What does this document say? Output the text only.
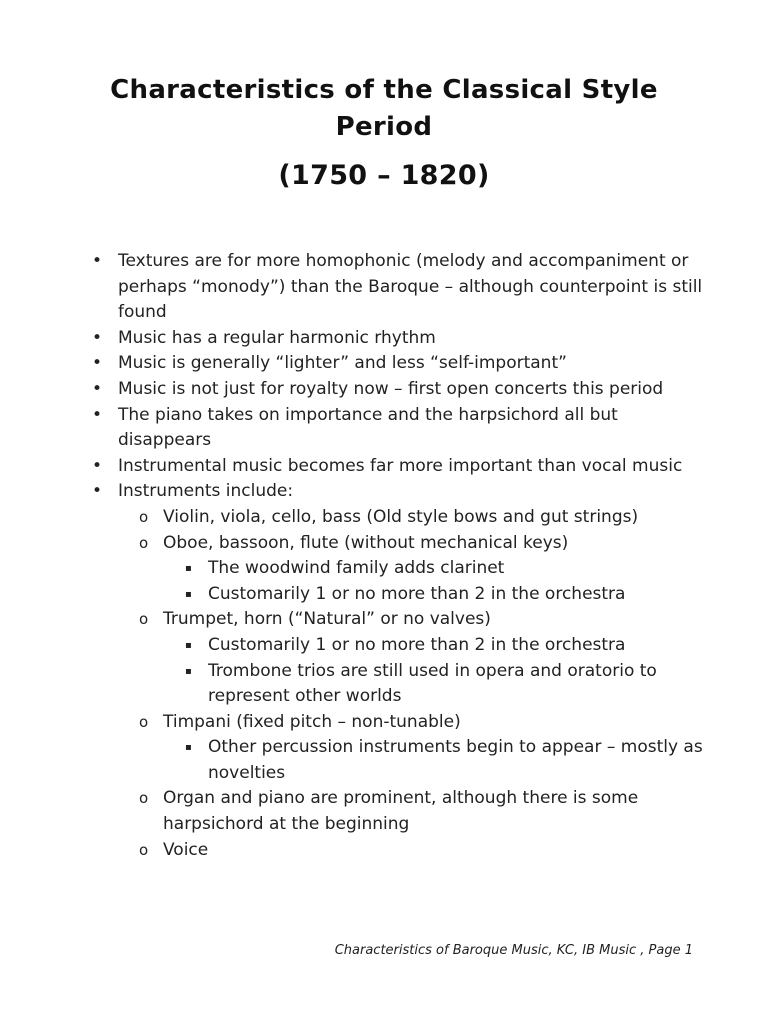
Characteristics of the Classical Style
Period
(1750 – 1820)
• Textures are for more homophonic (melody and accompaniment or perhaps “monody”) than the Baroque – although counterpoint is still found
• Music has a regular harmonic rhythm
• Music is generally “lighter” and less “self-important”
• Music is not just for royalty now – first open concerts this period
• The piano takes on importance and the harpsichord all but disappears
• Instrumental music becomes far more important than vocal music
• Instruments include:
o Violin, viola, cello, bass (Old style bows and gut strings)
o Oboe, bassoon, flute (without mechanical keys)
▪ The woodwind family adds clarinet
▪ Customarily 1 or no more than 2 in the orchestra
o Trumpet, horn (“Natural” or no valves)
▪ Customarily 1 or no more than 2 in the orchestra
▪ Trombone trios are still used in opera and oratorio to represent other worlds
o Timpani (fixed pitch – non-tunable)
▪ Other percussion instruments begin to appear – mostly as novelties
o Organ and piano are prominent, although there is some harpsichord at the beginning
o Voice
Characteristics of Baroque Music, KC, IB Music , Page 1
